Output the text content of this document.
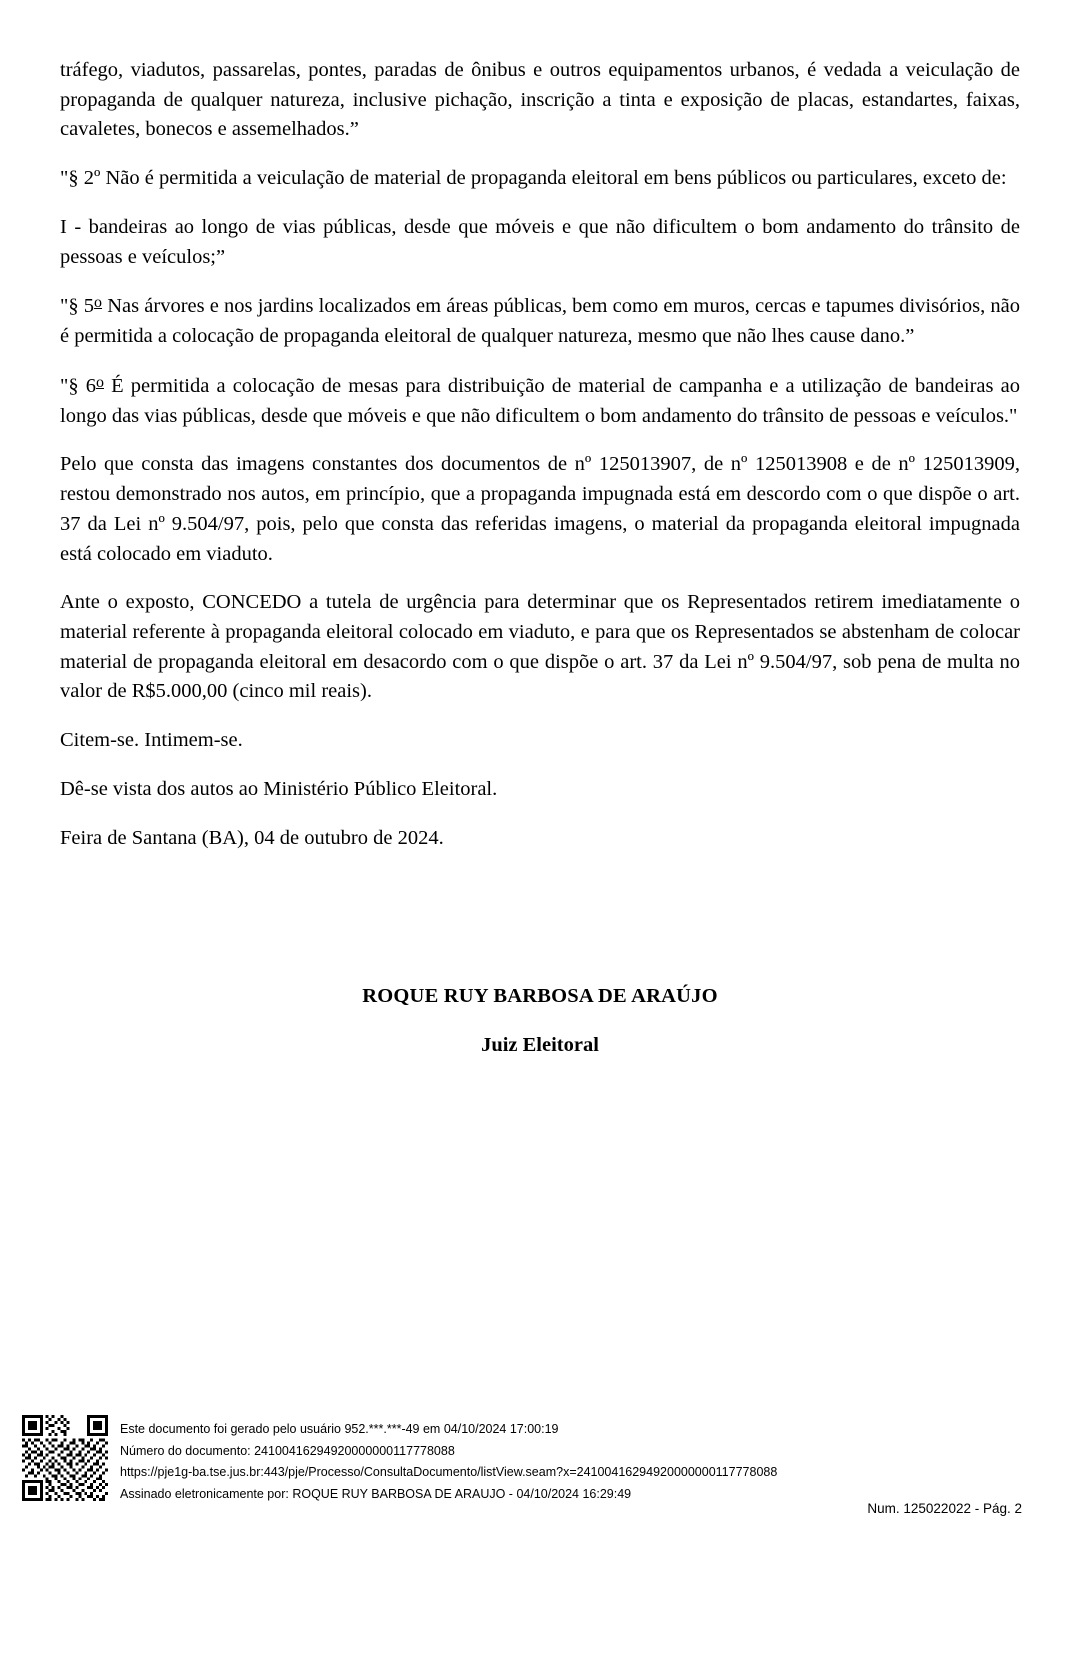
tráfego, viadutos, passarelas, pontes, paradas de ônibus e outros equipamentos urbanos, é vedada a veiculação de propaganda de qualquer natureza, inclusive pichação, inscrição a tinta e exposição de placas, estandartes, faixas, cavaletes, bonecos e assemelhados.”

"§ 2º Não é permitida a veiculação de material de propaganda eleitoral em bens públicos ou particulares, exceto de:

I - bandeiras ao longo de vias públicas, desde que móveis e que não dificultem o bom andamento do trânsito de pessoas e veículos;”

"§ 5$^o$ Nas árvores e nos jardins localizados em áreas públicas, bem como em muros, cercas e tapumes divisórios, não é permitida a colocação de propaganda eleitoral de qualquer natureza, mesmo que não lhes cause dano.”

"§ 6$^o$ É permitida a colocação de mesas para distribuição de material de campanha e a utilização de bandeiras ao longo das vias públicas, desde que móveis e que não dificultem o bom andamento do trânsito de pessoas e veículos."

Pelo que consta das imagens constantes dos documentos de nº 125013907, de nº 125013908 e de nº 125013909, restou demonstrado nos autos, em princípio, que a propaganda impugnada está em descordo com o que dispõe o art. 37 da Lei nº 9.504/97, pois, pelo que consta das referidas imagens, o material da propaganda eleitoral impugnada está colocado em viaduto.

Ante o exposto, CONCEDO a tutela de urgência para determinar que os Representados retirem imediatamente o material referente à propaganda eleitoral colocado em viaduto, e para que os Representados se abstenham de colocar material de propaganda eleitoral em desacordo com o que dispõe o art. 37 da Lei nº 9.504/97, sob pena de multa no valor de R$5.000,00 (cinco mil reais).

Citem-se. Intimem-se.

Dê-se vista dos autos ao Ministério Público Eleitoral.

Feira de Santana (BA), 04 de outubro de 2024.

ROQUE RUY BARBOSA DE ARAÚJO
Juiz Eleitoral
Este documento foi gerado pelo usuário 952.***.***-49 em 04/10/2024 17:00:19
Número do documento: 24100416294920000000117778088
https://pje1g-ba.tse.jus.br:443/pje/Processo/ConsultaDocumento/listView.seam?x=24100416294920000000117778088
Assinado eletronicamente por: ROQUE RUY BARBOSA DE ARAUJO - 04/10/2024 16:29:49
Num. 125022022 - Pág. 2
